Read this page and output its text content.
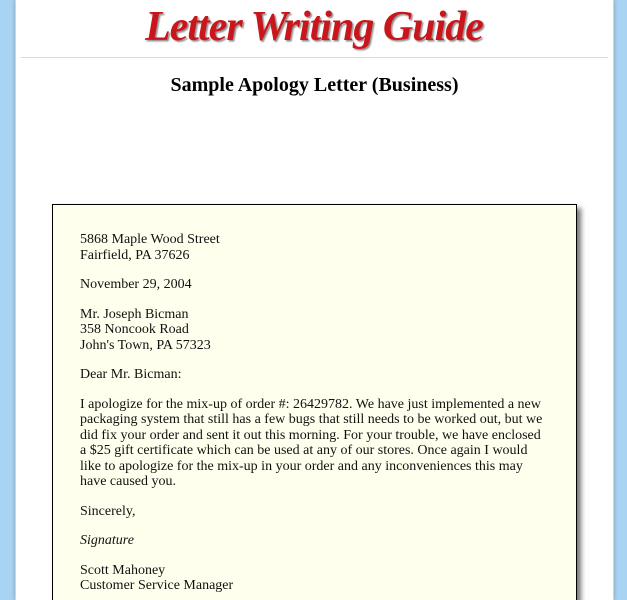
Letter Writing Guide
Sample Apology Letter (Business)

5868 Maple Wood Street
Fairfield, PA 37626

November 29, 2004

Mr. Joseph Bicman
358 Noncook Road
John's Town, PA 57323

Dear Mr. Bicman:

I apologize for the mix-up of order #: 26429782. We have just implemented a new packaging system that still has a few bugs that still needs to be worked out, but we did fix your order and sent it out this morning. For your trouble, we have enclosed a $25 gift certificate which can be used at any of our stores. Once again I would like to apologize for the mix-up in your order and any inconveniences this may have caused you.

Sincerely,

Signature

Scott Mahoney
Customer Service Manager
